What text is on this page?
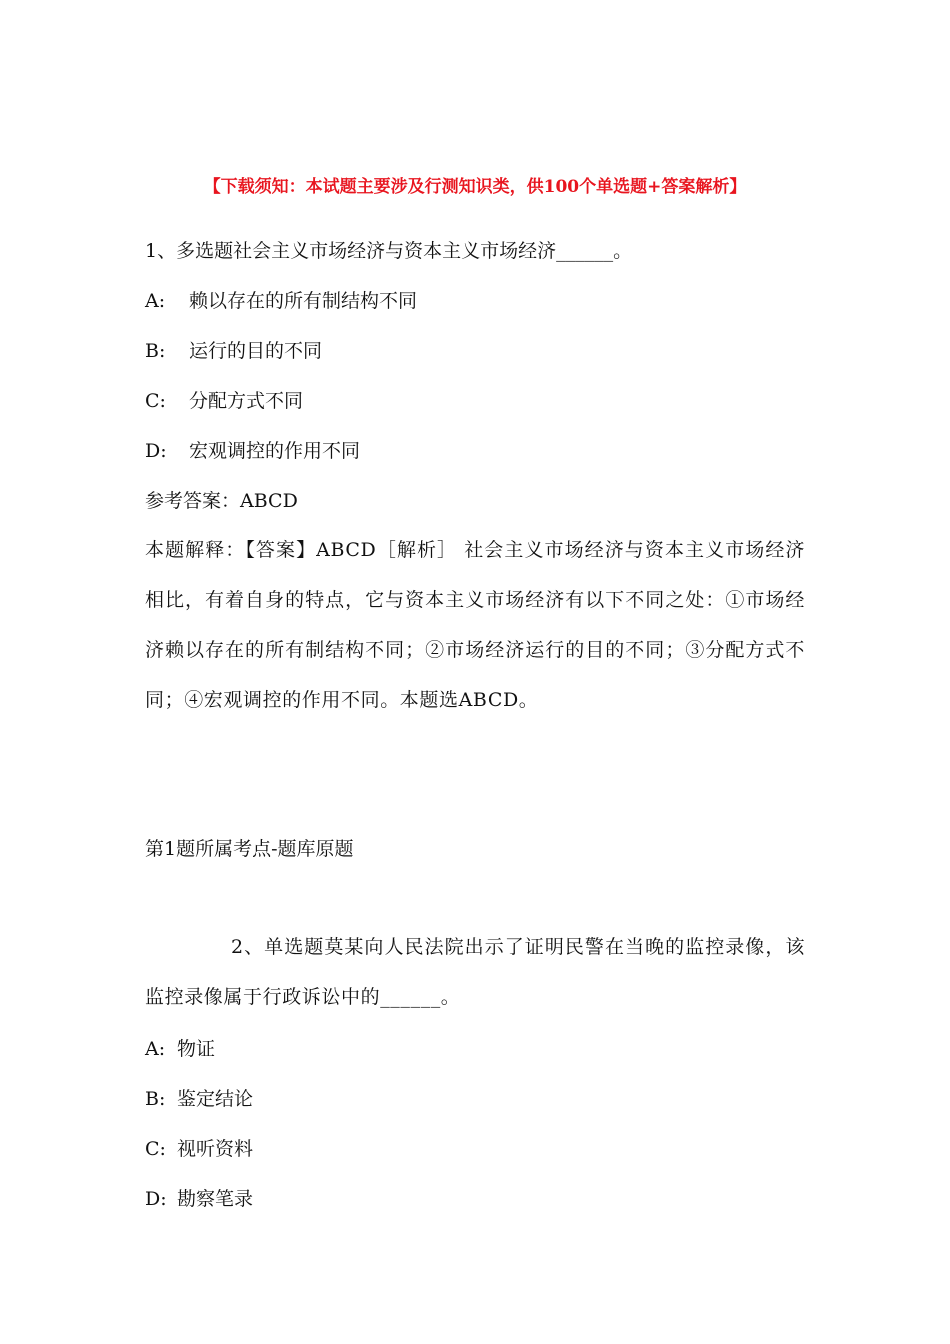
【下载须知：本试题主要涉及行测知识类，供100个单选题+答案解析】
1、多选题社会主义市场经济与资本主义市场经济______。
A: 赖以存在的所有制结构不同
B: 运行的目的不同
C: 分配方式不同
D: 宏观调控的作用不同
参考答案：ABCD
本题解释：【答案】ABCD［解析］ 社会主义市场经济与资本主义市场经济相比，有着自身的特点，它与资本主义市场经济有以下不同之处：①市场经济赖以存在的所有制结构不同；②市场经济运行的目的不同；③分配方式不同；④宏观调控的作用不同。本题选ABCD。
第1题所属考点-题库原题
2、单选题莫某向人民法院出示了证明民警在当晚的监控录像，该监控录像属于行政诉讼中的______。
A: 物证
B: 鉴定结论
C: 视听资料
D: 勘察笔录
